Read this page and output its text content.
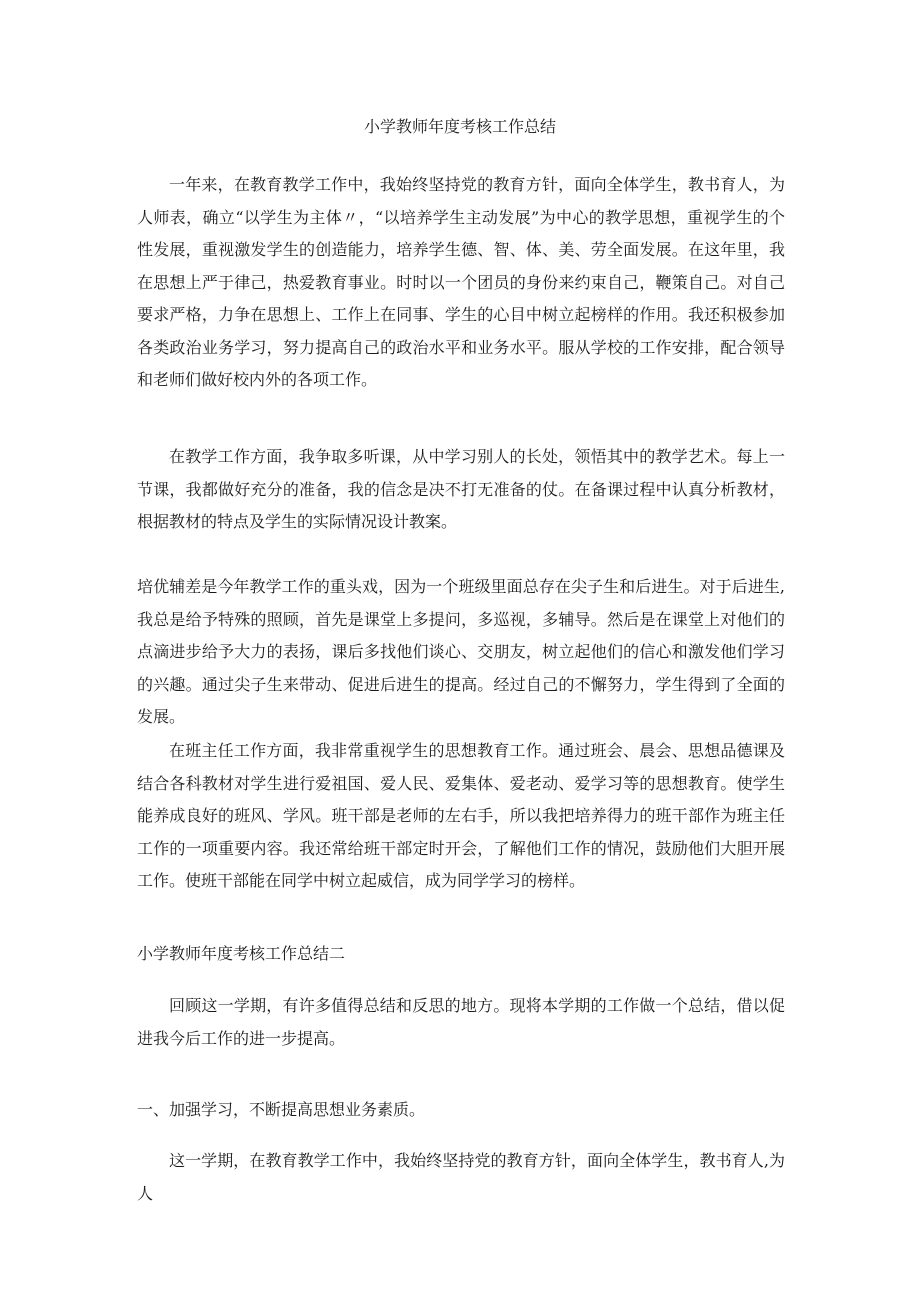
小学教师年度考核工作总结

一年来，在教育教学工作中，我始终坚持党的教育方针，面向全体学生，教书育人，为人师表，确立“以学生为主体〃，“以培养学生主动发展”为中心的教学思想，重视学生的个性发展，重视激发学生的创造能力，培养学生德、智、体、美、劳全面发展。在这年里，我在思想上严于律己，热爱教育事业。时时以一个团员的身份来约束自己，鞭策自己。对自己要求严格，力争在思想上、工作上在同事、学生的心目中树立起榜样的作用。我还积极参加各类政治业务学习，努力提高自己的政治水平和业务水平。服从学校的工作安排，配合领导和老师们做好校内外的各项工作。

在教学工作方面，我争取多听课，从中学习别人的长处，领悟其中的教学艺术。每上一节课，我都做好充分的准备，我的信念是决不打无准备的仗。在备课过程中认真分析教材，根据教材的特点及学生的实际情况设计教案。

培优辅差是今年教学工作的重头戏，因为一个班级里面总存在尖子生和后进生。对于后进生,我总是给予特殊的照顾，首先是课堂上多提问，多巡视，多辅导。然后是在课堂上对他们的点滴进步给予大力的表扬，课后多找他们谈心、交朋友，树立起他们的信心和激发他们学习的兴趣。通过尖子生来带动、促进后进生的提高。经过自己的不懈努力，学生得到了全面的发展。

在班主任工作方面，我非常重视学生的思想教育工作。通过班会、晨会、思想品德课及结合各科教材对学生进行爱祖国、爱人民、爱集体、爱老动、爱学习等的思想教育。使学生能养成良好的班风、学风。班干部是老师的左右手，所以我把培养得力的班干部作为班主任工作的一项重要内容。我还常给班干部定时开会，了解他们工作的情况，鼓励他们大胆开展工作。使班干部能在同学中树立起威信，成为同学学习的榜样。

小学教师年度考核工作总结二

回顾这一学期，有许多值得总结和反思的地方。现将本学期的工作做一个总结，借以促进我今后工作的进一步提高。

一、加强学习，不断提高思想业务素质。

这一学期，在教育教学工作中，我始终坚持党的教育方针，面向全体学生，教书育人,为人
